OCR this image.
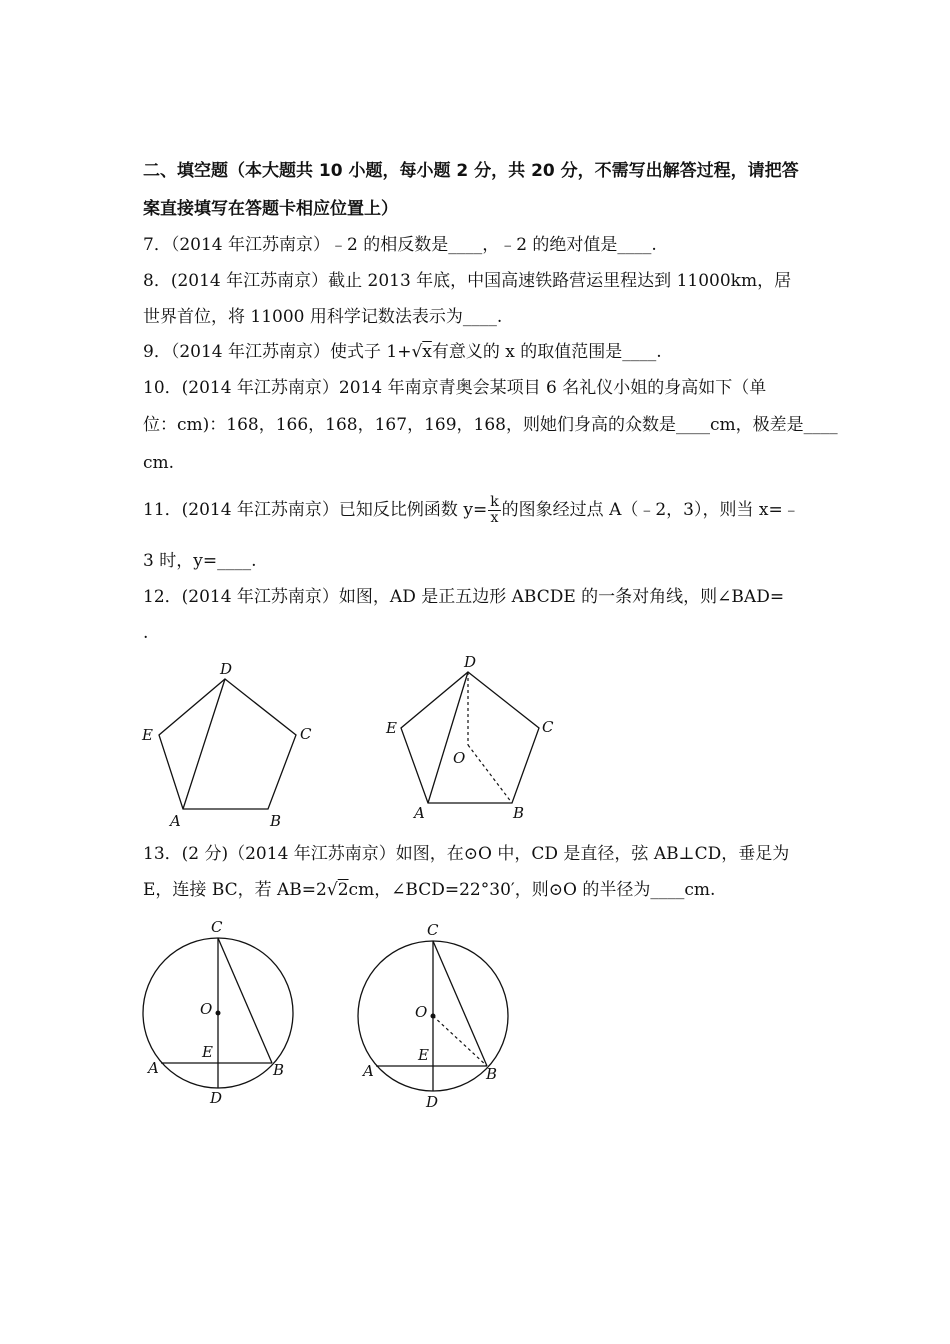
二、填空题（本大题共 10 小题，每小题 2 分，共 20 分，不需写出解答过程，请把答
案直接填写在答题卡相应位置上）
7．（2014 年江苏南京）﹣2 的相反数是____，﹣2 的绝对值是____.
8．(2014 年江苏南京）截止 2013 年底，中国高速铁路营运里程达到 11000km，居
世界首位，将 11000 用科学记数法表示为____.
9．（2014 年江苏南京）使式子 1+√x有意义的 x 的取值范围是____.
10．(2014 年江苏南京）2014 年南京青奥会某项目 6 名礼仪小姐的身高如下（单
位：cm)：168，166，168，167，169，168，则她们身高的众数是____cm，极差是____
cm.
11．(2014 年江苏南京）已知反比例函数 $y= \frac{k}{x}$ 的图象经过点 A（﹣2，3），则当 x=﹣
3 时，y=____.
12．(2014 年江苏南京）如图，AD 是正五边形 ABCDE 的一条对角线，则∠BAD=
.
D
C
E
A	B
D
C
E
O
A	B
13．(2 分)（2014 年江苏南京）如图，在⊙O 中，CD 是直径，弦 AB⊥CD，垂足为
E，连接 BC，若 AB=2√2cm，∠BCD=22°30′，则⊙O 的半径为____cm.
C
O
E
A	B
D
C
O
E
A	B
D
